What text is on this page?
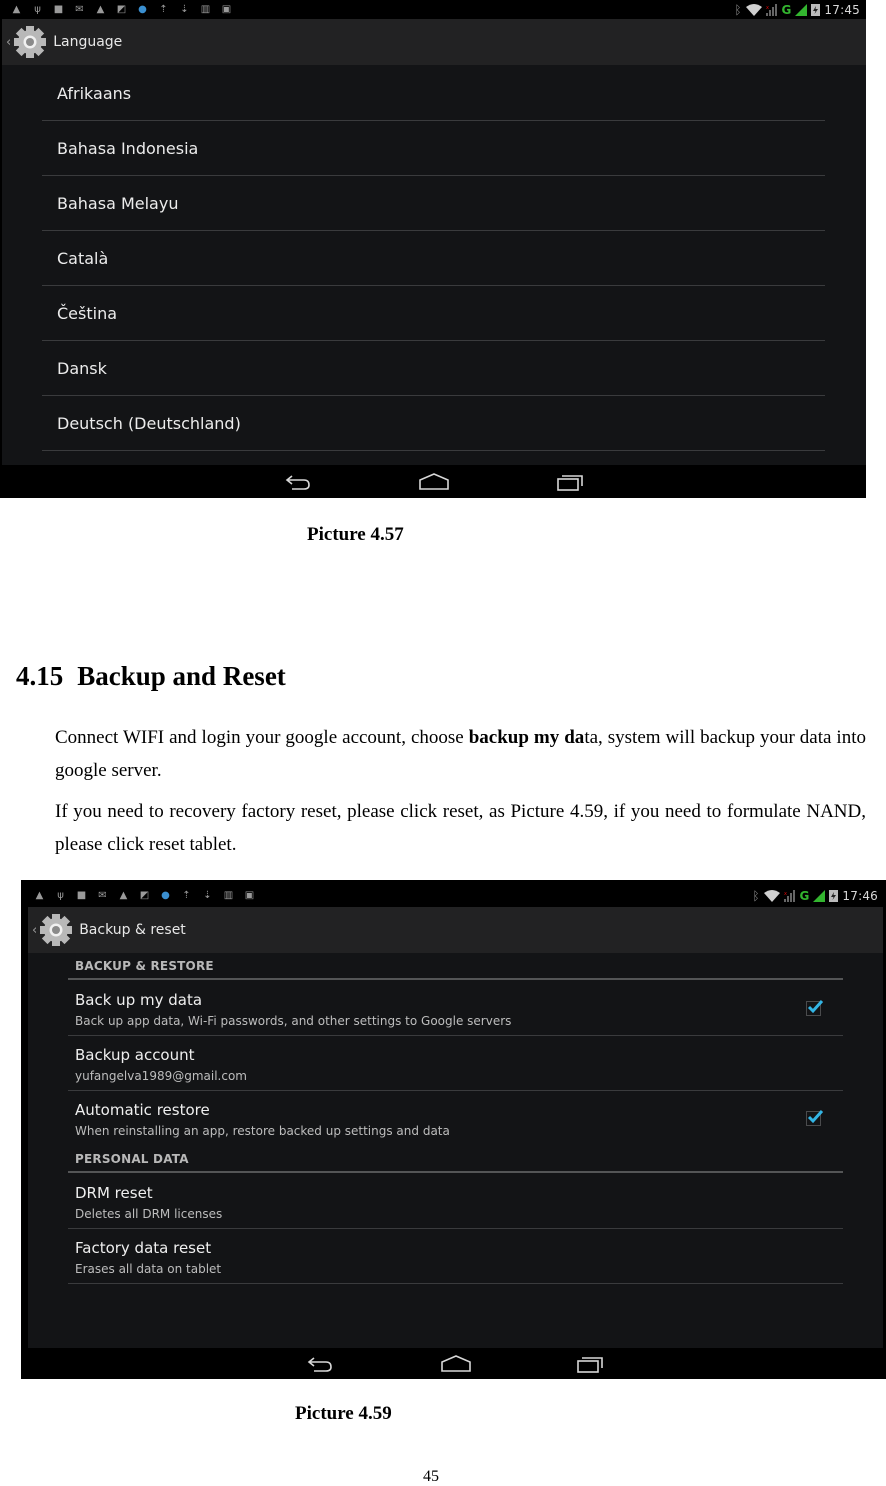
▲	ψ	■	✉	▲	◩	●	⇡	⇣	▥	▣	ᛒ	x G	17:45
‹	Language
Afrikaans
Bahasa Indonesia
Bahasa Melayu
Català
Čeština
Dansk
Deutsch (Deutschland)
Picture 4.57
4.15 Backup and Reset
Connect WIFI and login your google account, choose backup my data, system will backup your data into google server.
If you need to recovery factory reset, please click reset, as Picture 4.59, if you need to formulate NAND, please click reset tablet.
▲	ψ	■	✉	▲	◩	●	⇡	⇣	▥	▣	ᛒ	x G	17:46
‹	Backup & reset
BACKUP & RESTORE
Back up my data
Back up app data, Wi-Fi passwords, and other settings to Google servers
Backup account
yufangelva1989@gmail.com
Automatic restore
When reinstalling an app, restore backed up settings and data
PERSONAL DATA
DRM reset
Deletes all DRM licenses
Factory data reset
Erases all data on tablet
Picture 4.59
45
